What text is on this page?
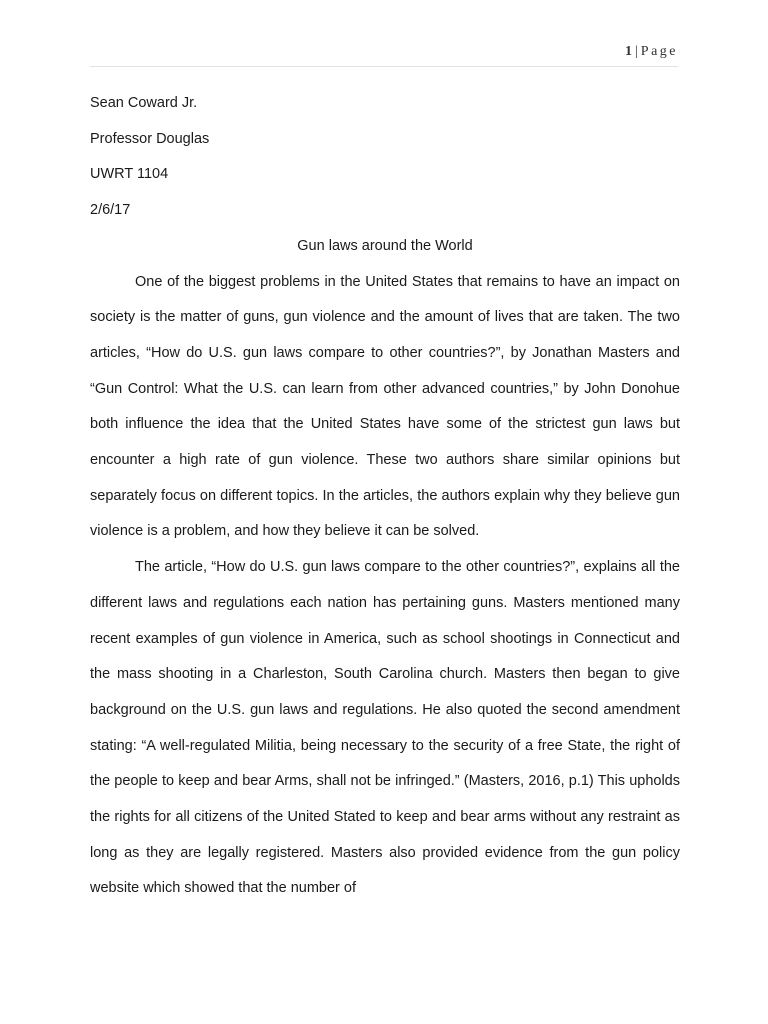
1 | Page
Sean Coward Jr.
Professor Douglas
UWRT 1104
2/6/17
Gun laws around the World

One of the biggest problems in the United States that remains to have an impact on society is the matter of guns, gun violence and the amount of lives that are taken. The two articles, “How do U.S. gun laws compare to other countries?”, by Jonathan Masters and “Gun Control: What the U.S. can learn from other advanced countries,” by John Donohue both influence the idea that the United States have some of the strictest gun laws but encounter a high rate of gun violence. These two authors share similar opinions but separately focus on different topics. In the articles, the authors explain why they believe gun violence is a problem, and how they believe it can be solved.

The article, “How do U.S. gun laws compare to the other countries?”, explains all the different laws and regulations each nation has pertaining guns. Masters mentioned many recent examples of gun violence in America, such as school shootings in Connecticut and the mass shooting in a Charleston, South Carolina church. Masters then began to give background on the U.S. gun laws and regulations. He also quoted the second amendment stating: “A well-regulated Militia, being necessary to the security of a free State, the right of the people to keep and bear Arms, shall not be infringed.” (Masters, 2016, p.1) This upholds the rights for all citizens of the United Stated to keep and bear arms without any restraint as long as they are legally registered. Masters also provided evidence from the gun policy website which showed that the number of
